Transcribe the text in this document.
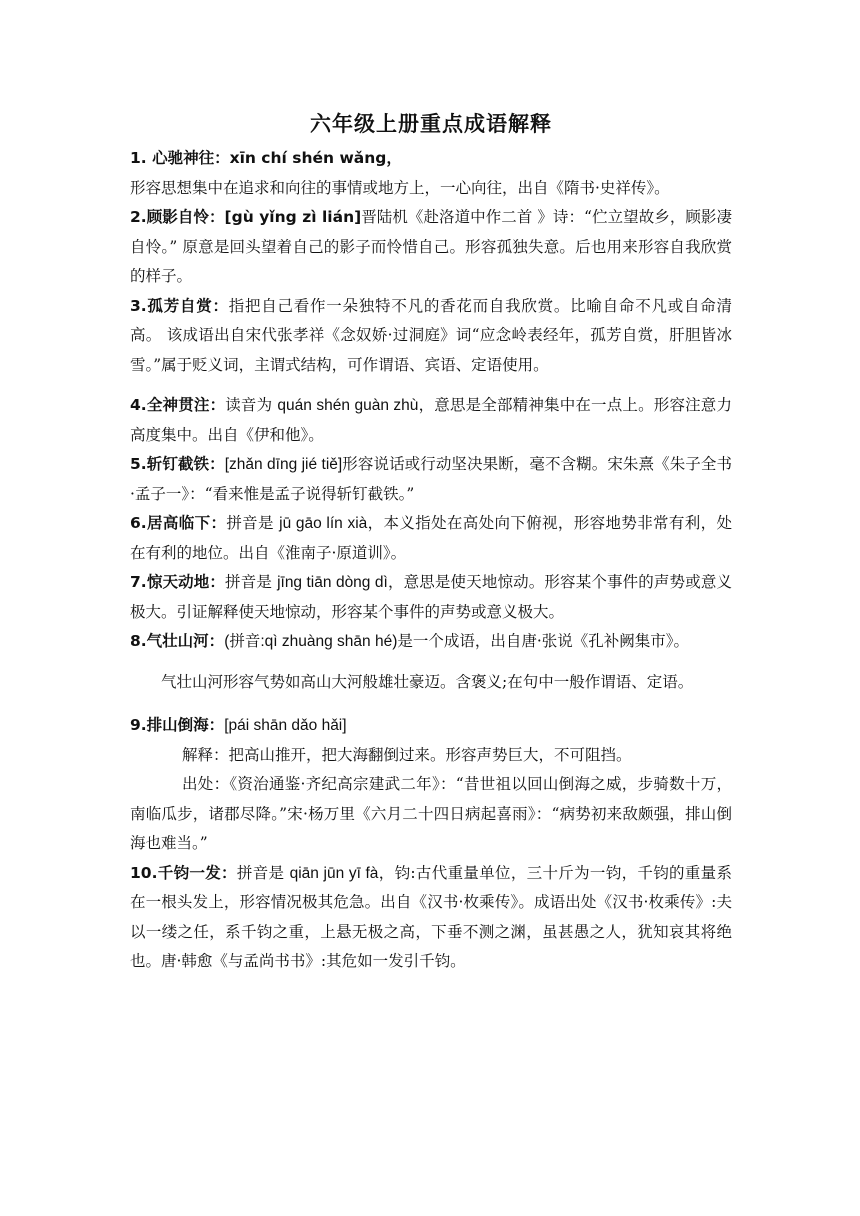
六年级上册重点成语解释

1. 心驰神往：xīn chí shén wǎng，

形容思想集中在追求和向往的事情或地方上，一心向往，出自《隋书·史祥传》。

2.顾影自怜：[gù yǐng zì lián]晋陆机《赴洛道中作二首 》诗：“伫立望故乡，顾影凄自怜。” 原意是回头望着自己的影子而怜惜自己。形容孤独失意。后也用来形容自我欣赏的样子。

3.孤芳自赏：指把自己看作一朵独特不凡的香花而自我欣赏。比喻自命不凡或自命清高。 该成语出自宋代张孝祥《念奴娇·过洞庭》词“应念岭表经年，孤芳自赏，肝胆皆冰雪。”属于贬义词，主谓式结构，可作谓语、宾语、定语使用。

4.全神贯注：读音为 quán shén guàn zhù，意思是全部精神集中在一点上。形容注意力高度集中。出自《伊和他》。

5.斩钉截铁：[zhǎn dīng jié tiě]形容说话或行动坚决果断，毫不含糊。宋朱熹《朱子全书·孟子一》：“看来惟是孟子说得斩钉截铁。”

6.居高临下：拼音是 jū gāo lín xià，本义指处在高处向下俯视，形容地势非常有利，处在有利的地位。出自《淮南子·原道训》。

7.惊天动地：拼音是 jīng tiān dòng dì，意思是使天地惊动。形容某个事件的声势或意义极大。引证解释使天地惊动，形容某个事件的声势或意义极大。

8.气壮山河：(拼音:qì zhuàng shān hé)是一个成语，出自唐·张说《孔补阙集市》。

气壮山河形容气势如高山大河般雄壮豪迈。含褒义;在句中一般作谓语、定语。

9.排山倒海：[pái shān dǎo hǎi]

解释：把高山推开，把大海翻倒过来。形容声势巨大，不可阻挡。

出处：《资治通鉴·齐纪高宗建武二年》：“昔世祖以回山倒海之威，步骑数十万，南临瓜步，诸郡尽降。”宋·杨万里《六月二十四日病起喜雨》：“病势初来敌颇强，排山倒海也难当。”

10.千钧一发：拼音是 qiān jūn yī fà，钧:古代重量单位，三十斤为一钧，千钧的重量系在一根头发上，形容情况极其危急。出自《汉书·枚乘传》。成语出处《汉书·枚乘传》:夫以一缕之任，系千钧之重，上悬无极之高，下垂不测之渊，虽甚愚之人，犹知哀其将绝也。唐·韩愈《与孟尚书书》:其危如一发引千钧。
